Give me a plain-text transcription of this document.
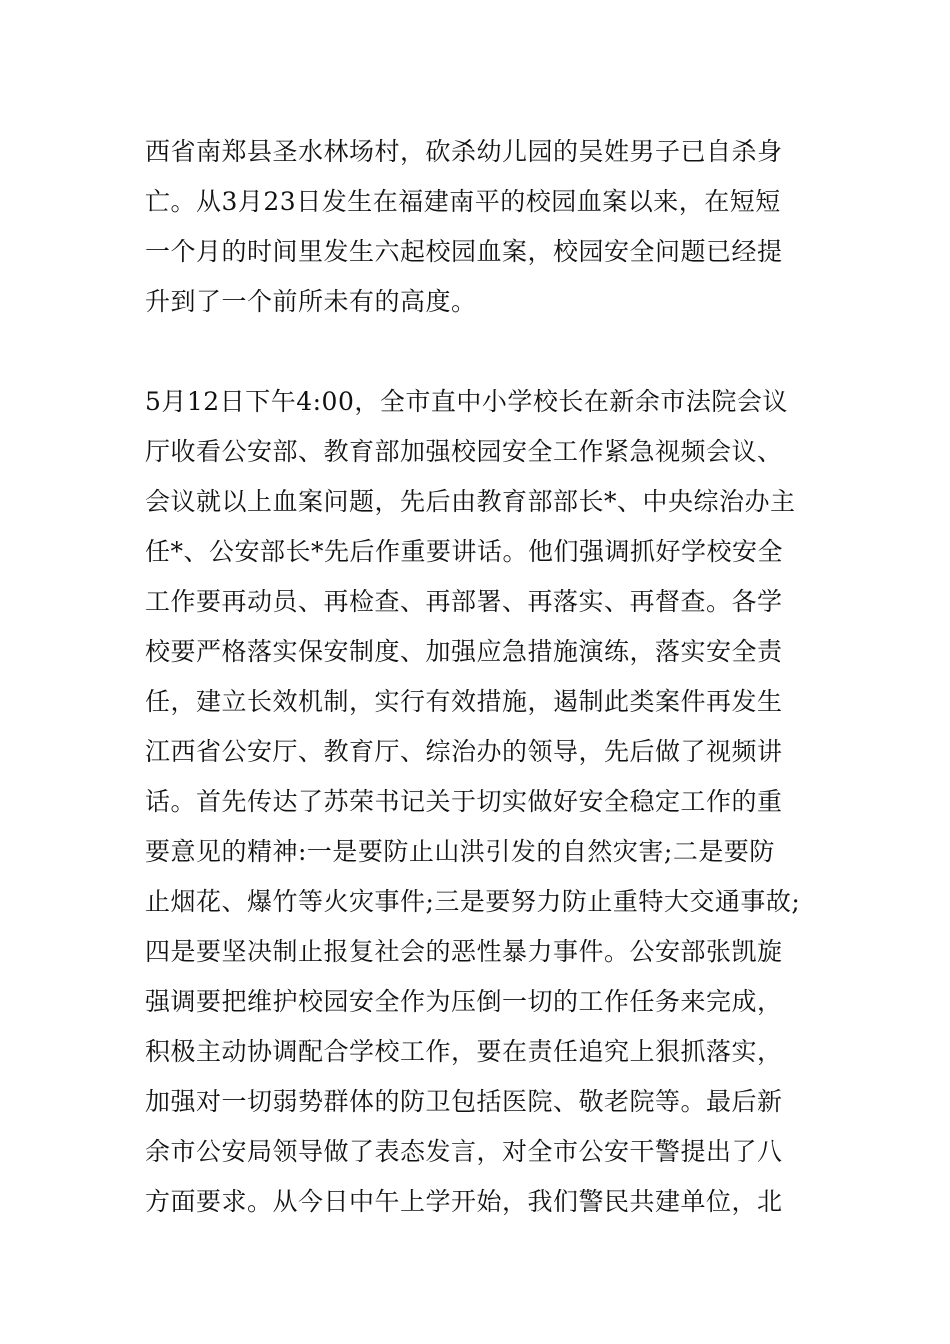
西省南郑县圣水林场村，砍杀幼儿园的吴姓男子已自杀身
亡。从3月23日发生在福建南平的校园血案以来，在短短
一个月的时间里发生六起校园血案，校园安全问题已经提
升到了一个前所未有的高度。
5月12日下午4:00，全市直中小学校长在新余市法院会议
厅收看公安部、教育部加强校园安全工作紧急视频会议、
会议就以上血案问题，先后由教育部部长*、中央综治办主
任*、公安部长*先后作重要讲话。他们强调抓好学校安全
工作要再动员、再检查、再部署、再落实、再督查。各学
校要严格落实保安制度、加强应急措施演练，落实安全责
任，建立长效机制，实行有效措施，遏制此类案件再发生
江西省公安厅、教育厅、综治办的领导，先后做了视频讲
话。首先传达了苏荣书记关于切实做好安全稳定工作的重
要意见的精神:一是要防止山洪引发的自然灾害;二是要防
止烟花、爆竹等火灾事件;三是要努力防止重特大交通事故;
四是要坚决制止报复社会的恶性暴力事件。公安部张凯旋
强调要把维护校园安全作为压倒一切的工作任务来完成，
积极主动协调配合学校工作，要在责任追究上狠抓落实，
加强对一切弱势群体的防卫包括医院、敬老院等。最后新
余市公安局领导做了表态发言，对全市公安干警提出了八
方面要求。从今日中午上学开始，我们警民共建单位，北
